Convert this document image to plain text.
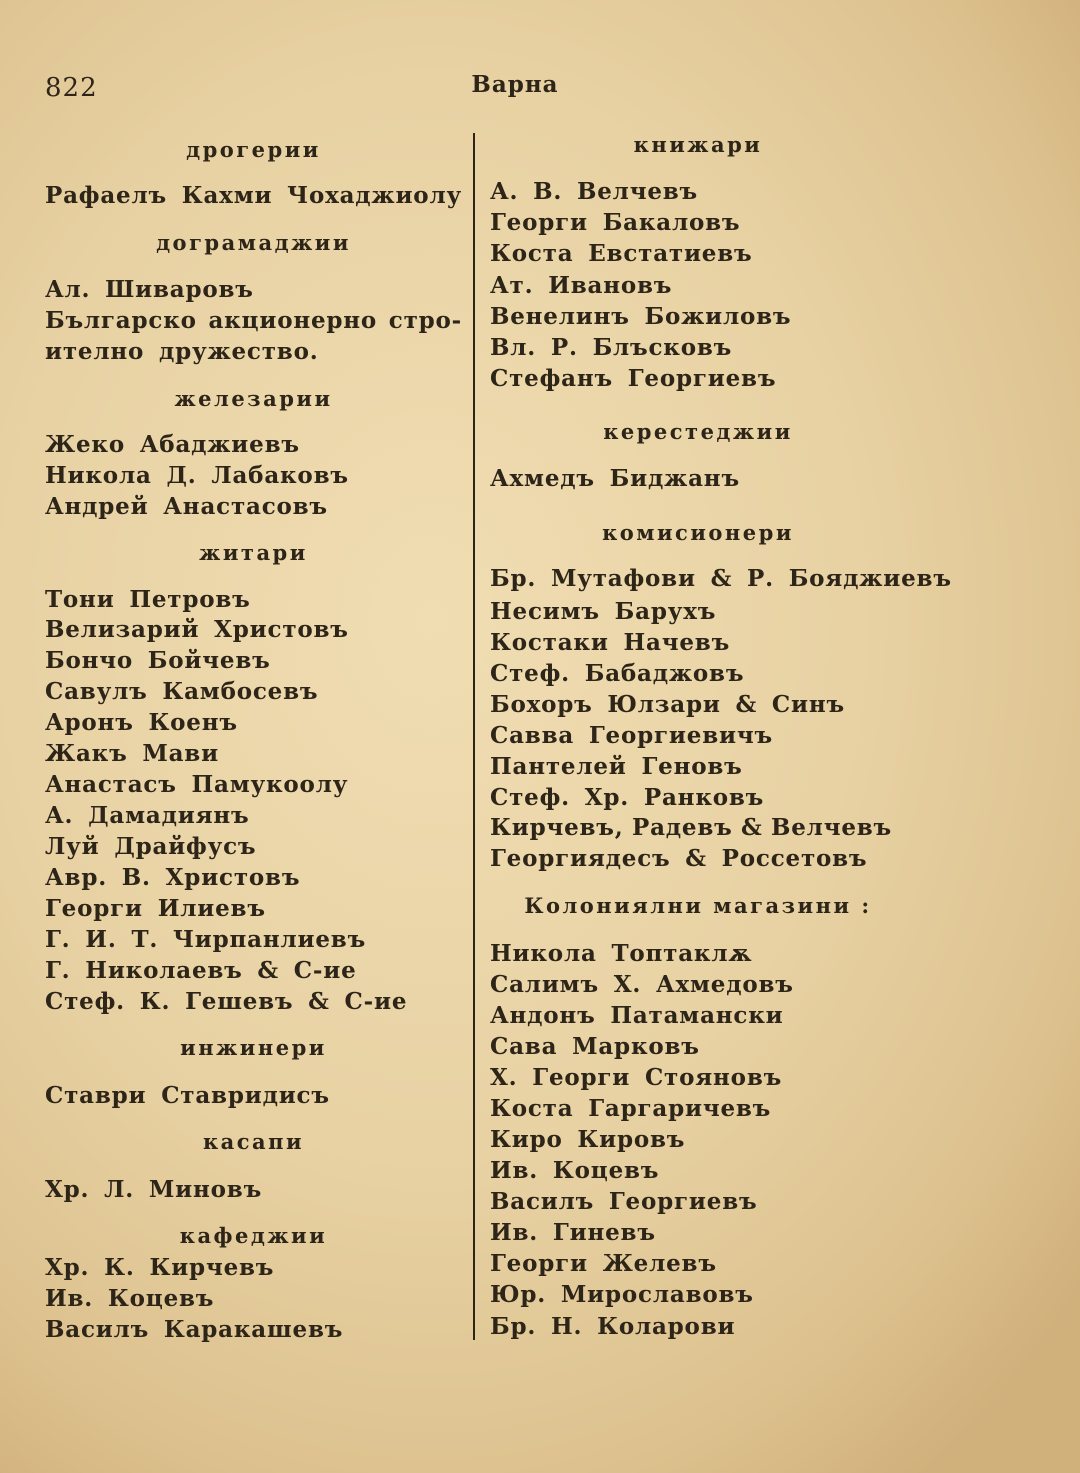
822	Варна
дрогерии
Рафаелъ Кахми Чохаджиолу
дограмаджии
Ал. Шиваровъ
Българско акционерно стро-
ително дружество.
железарии
Жеко Абаджиевъ
Никола Д. Лабаковъ
Андрей Анастасовъ
житари
Тони Петровъ
Велизарий Христовъ
Бончо Бойчевъ
Савулъ Камбосевъ
Аронъ Коенъ
Жакъ Мави
Анастасъ Памукоолу
А. Дамадиянъ
Луй Драйфусъ
Авр. В. Христовъ
Георги Илиевъ
Г. И. Т. Чирпанлиевъ
Г. Николаевъ & С-ие
Стеф. К. Гешевъ & С-ие
инжинери
Ставри Ставридисъ
касапи
Хр. Л. Миновъ
кафеджии
Хр. К. Кирчевъ
Ив. Коцевъ
Василъ Каракашевъ
книжари
А. В. Велчевъ
Георги Бакаловъ
Коста Евстатиевъ
Ат. Ивановъ
Венелинъ Божиловъ
Вл. Р. Блъсковъ
Стефанъ Георгиевъ
керестеджии
Ахмедъ Биджанъ
комисионери
Бр. Мутафови & Р. Бояджиевъ
Несимъ Барухъ
Костаки Начевъ
Стеф. Бабаджовъ
Бохоръ Юлзари & Синъ
Савва Георгиевичъ
Пантелей Геновъ
Стеф. Хр. Ранковъ
Кирчевъ, Радевъ & Велчевъ
Георгиядесъ & Россетовъ
Колониялни магазини :
Никола Топтаклѫ
Салимъ Х. Ахмедовъ
Андонъ Патамански
Сава Марковъ
Х. Георги Стояновъ
Коста Гаргаричевъ
Киро Кировъ
Ив. Коцевъ
Василъ Георгиевъ
Ив. Гиневъ
Георги Желевъ
Юр. Мирославовъ
Бр. Н. Коларови
